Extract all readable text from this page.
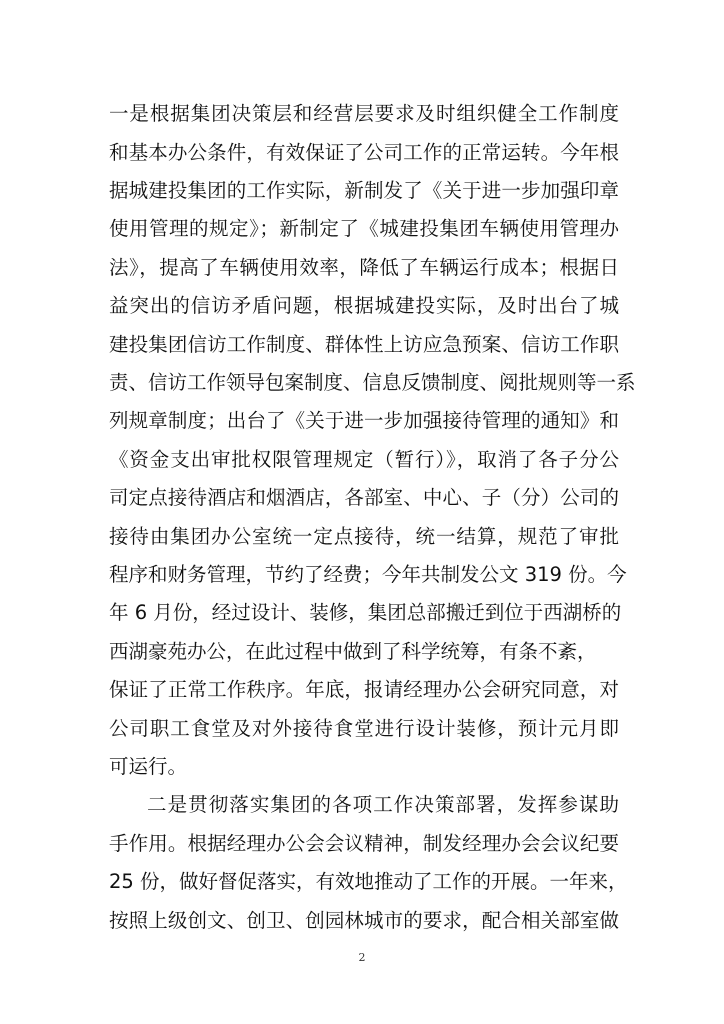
一是根据集团决策层和经营层要求及时组织健全工作制度
和基本办公条件，有效保证了公司工作的正常运转。今年根
据城建投集团的工作实际，新制发了《关于进一步加强印章
使用管理的规定》；新制定了《城建投集团车辆使用管理办
法》，提高了车辆使用效率，降低了车辆运行成本；根据日
益突出的信访矛盾问题，根据城建投实际，及时出台了城
建投集团信访工作制度、群体性上访应急预案、信访工作职
责、信访工作领导包案制度、信息反馈制度、阅批规则等一系
列规章制度；出台了《关于进一步加强接待管理的通知》和
《资金支出审批权限管理规定（暂行）》，取消了各子分公
司定点接待酒店和烟酒店，各部室、中心、子（分）公司的
接待由集团办公室统一定点接待，统一结算，规范了审批
程序和财务管理，节约了经费；今年共制发公文 319 份。今
年 6 月份，经过设计、装修，集团总部搬迁到位于西湖桥的
西湖豪苑办公，在此过程中做到了科学统筹，有条不紊，
保证了正常工作秩序。年底，报请经理办公会研究同意，对
公司职工食堂及对外接待食堂进行设计装修，预计元月即
可运行。
二是贯彻落实集团的各项工作决策部署，发挥参谋助
手作用。根据经理办公会会议精神，制发经理办会会议纪要
25 份，做好督促落实，有效地推动了工作的开展。一年来，
按照上级创文、创卫、创园林城市的要求，配合相关部室做
2
